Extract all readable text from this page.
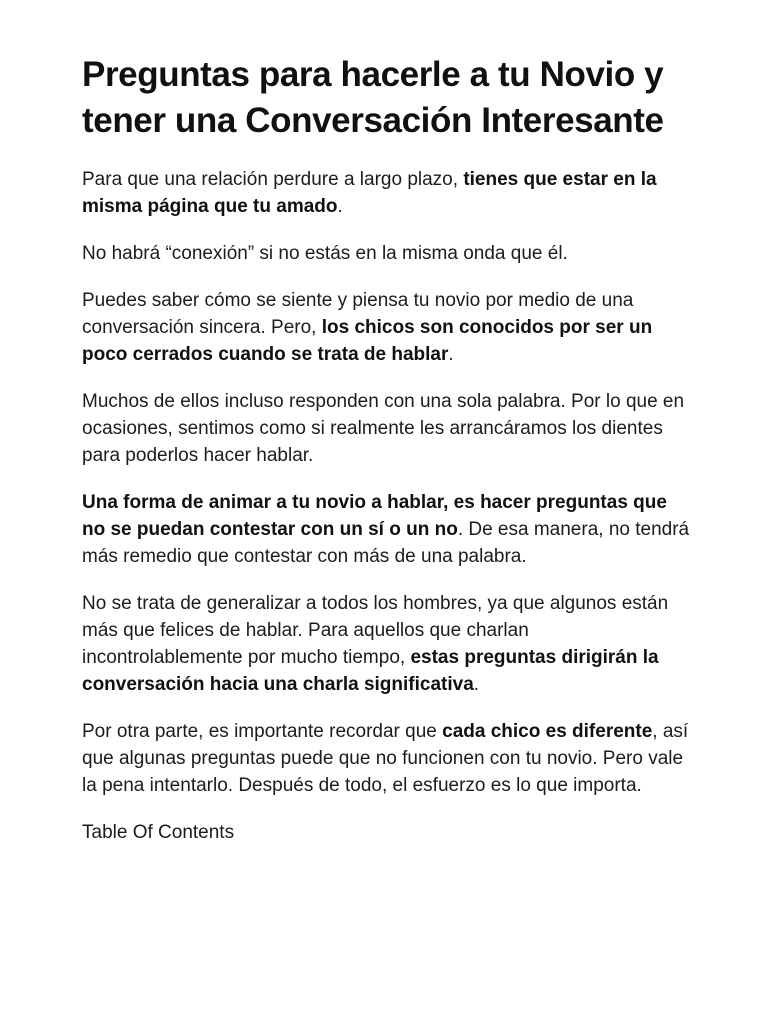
Preguntas para hacerle a tu Novio y tener una Conversación Interesante

Para que una relación perdure a largo plazo, tienes que estar en la misma página que tu amado.

No habrá “conexión” si no estás en la misma onda que él.

Puedes saber cómo se siente y piensa tu novio por medio de una conversación sincera. Pero, los chicos son conocidos por ser un poco cerrados cuando se trata de hablar.

Muchos de ellos incluso responden con una sola palabra. Por lo que en ocasiones, sentimos como si realmente les arrancáramos los dientes para poderlos hacer hablar.

Una forma de animar a tu novio a hablar, es hacer preguntas que no se puedan contestar con un sí o un no. De esa manera, no tendrá más remedio que contestar con más de una palabra.

No se trata de generalizar a todos los hombres, ya que algunos están más que felices de hablar. Para aquellos que charlan incontrolablemente por mucho tiempo, estas preguntas dirigirán la conversación hacia una charla significativa.

Por otra parte, es importante recordar que cada chico es diferente, así que algunas preguntas puede que no funcionen con tu novio. Pero vale la pena intentarlo. Después de todo, el esfuerzo es lo que importa.

Table Of Contents
